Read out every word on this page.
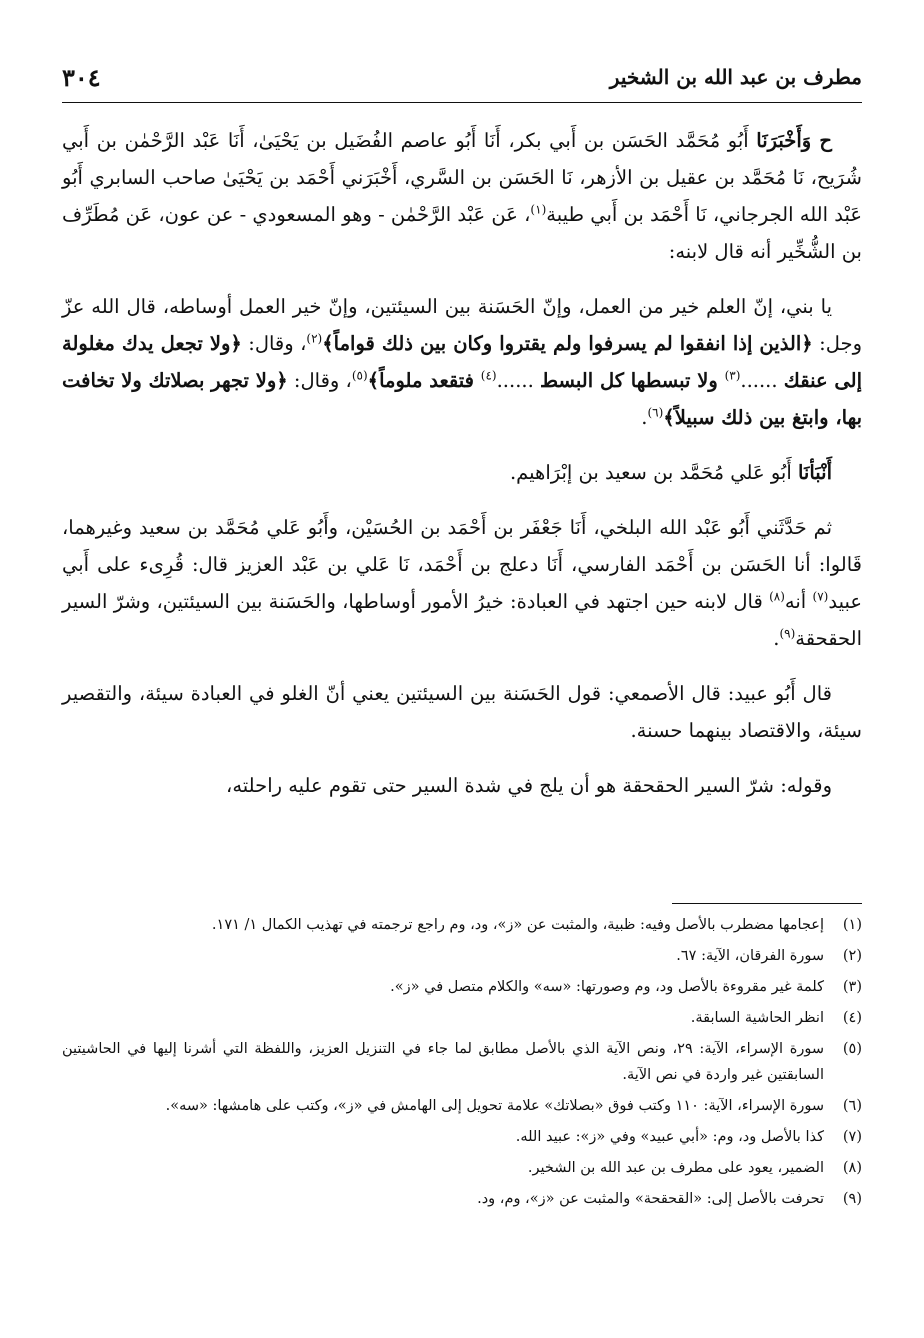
مطرف بن عبد الله بن الشخير
٣٠٤

ح وَأَخْبَرَنَا أَبُو مُحَمَّد الحَسَن بن أَبي بكر، أَنَا أَبُو عاصم الفُضَيل بن يَحْيَىٰ، أَنَا عَبْد الرَّحْمٰن بن أَبي شُرَيح، نَا مُحَمَّد بن عقيل بن الأزهر، نَا الحَسَن بن السَّري، أَخْبَرَني أَحْمَد بن يَحْيَىٰ صاحب السابري أَبُو عَبْد الله الجرجاني، نَا أَحْمَد بن أَبي طيبة$^{(١)}$، عَن عَبْد الرَّحْمٰن - وهو المسعودي - عن عون، عَن مُطَرِّف بن الشُّخِّير أنه قال لابنه:

يا بني، إنّ العلم خير من العمل، وإنّ الحَسَنة بين السيئتين، وإنّ خير العمل أوساطه، قال الله عزّ وجل: ﴿الذين إذا انفقوا لم يسرفوا ولم يقتروا وكان بين ذلك قواماً﴾$^{(٢)}$، وقال: ﴿ولا تجعل يدك مغلولة إلى عنقك ......$^{(٣)}$ ولا تبسطها كل البسط ......$^{(٤)}$ فتقعد ملوماً﴾$^{(٥)}$، وقال: ﴿ولا تجهر بصلاتك ولا تخافت بها، وابتغ بين ذلك سبيلاً﴾$^{(٦)}$.

أَنْبَأنَا أَبُو عَلي مُحَمَّد بن سعيد بن إبْرَاهيم.

ثم حَدَّثَني أَبُو عَبْد الله البلخي، أَنَا جَعْفَر بن أَحْمَد بن الحُسَيْن، وأَبُو عَلي مُحَمَّد بن سعيد وغيرهما، قَالوا: أنا الحَسَن بن أَحْمَد الفارسي، أَنَا دعلج بن أَحْمَد، نَا عَلي بن عَبْد العزيز قال: قُرِىء على أَبي عبيد$^{(٧)}$ أنه$^{(٨)}$ قال لابنه حين اجتهد في العبادة: خيرُ الأمور أوساطها، والحَسَنة بين السيئتين، وشرّ السير الحقحقة$^{(٩)}$.

قال أَبُو عبيد: قال الأصمعي: قول الحَسَنة بين السيئتين يعني أنّ الغلو في العبادة سيئة، والتقصير سيئة، والاقتصاد بينهما حسنة.

وقوله: شرّ السير الحقحقة هو أن يلج في شدة السير حتى تقوم عليه راحلته،

(١)
إعجامها مضطرب بالأصل وفيه: ظبية، والمثبت عن «ز»، ود، وم راجع ترجمته في تهذيب الكمال ١/ ١٧١.
(٢)
سورة الفرقان، الآية: ٦٧.
(٣)
كلمة غير مقروءة بالأصل ود، وم وصورتها: «سه» والكلام متصل في «ز».
(٤)
انظر الحاشية السابقة.
(٥)
سورة الإسراء، الآية: ٢٩، ونص الآية الذي بالأصل مطابق لما جاء في التنزيل العزيز، واللفظة التي أشرنا إليها في الحاشيتين السابقتين غير واردة في نص الآية.
(٦)
سورة الإسراء، الآية: ١١٠ وكتب فوق «بصلاتك» علامة تحويل إلى الهامش في «ز»، وكتب على هامشها: «سه».
(٧)
كذا بالأصل ود، وم: «أبي عبيد» وفي «ز»: عبيد الله.
(٨)
الضمير، يعود على مطرف بن عبد الله بن الشخير.
(٩)
تحرفت بالأصل إلى: «القحقحة» والمثبت عن «ز»، وم، ود.
